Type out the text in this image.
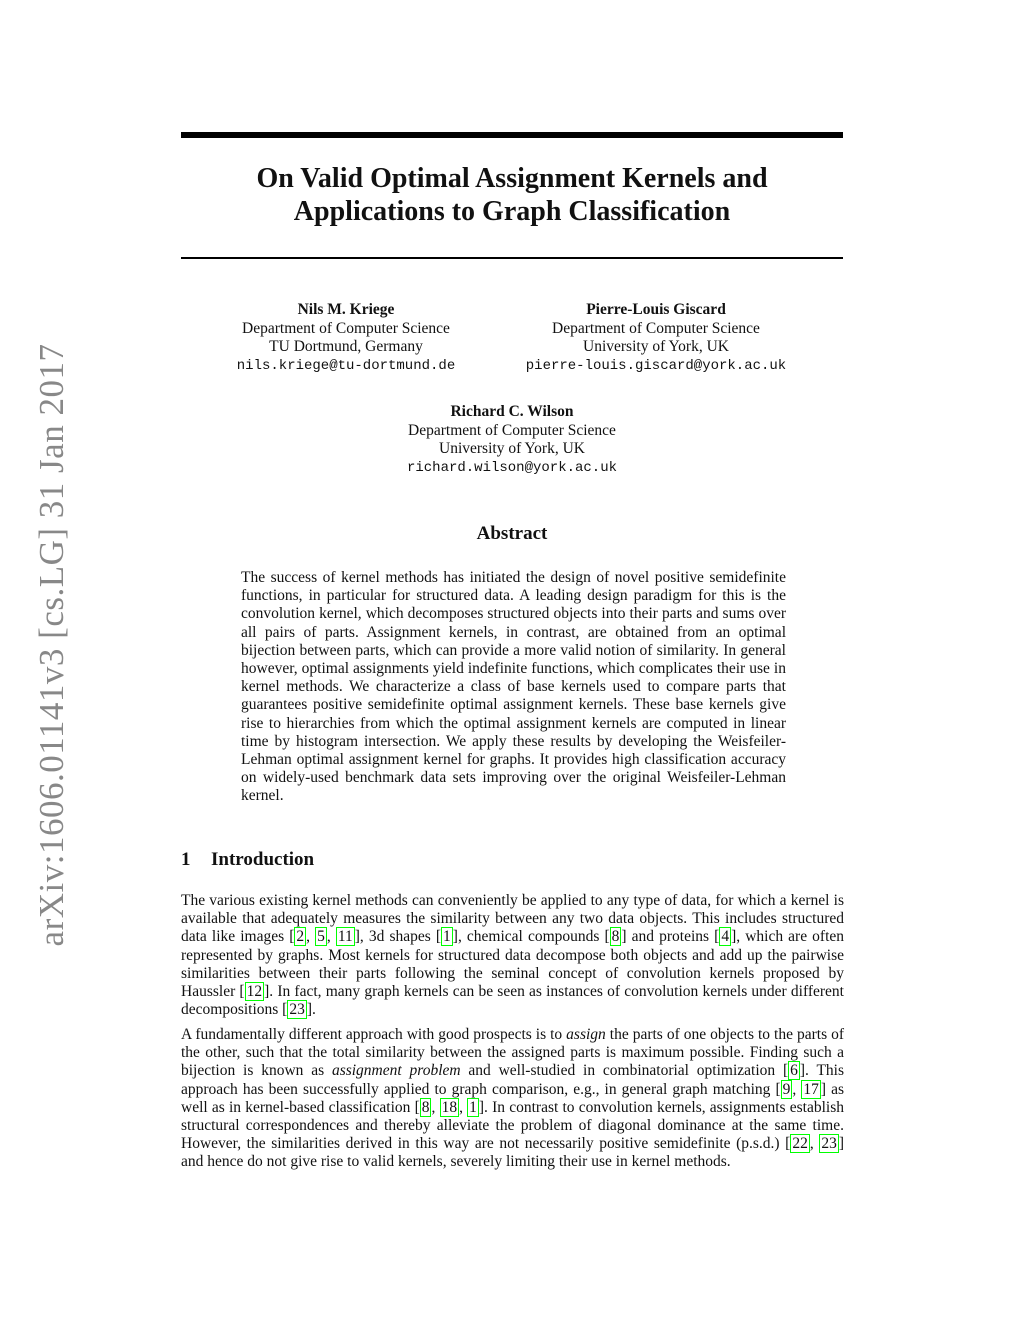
arXiv:1606.01141v3 [cs.LG] 31 Jan 2017
On Valid Optimal Assignment Kernels and
Applications to Graph Classification
Nils M. Kriege
Department of Computer Science
TU Dortmund, Germany
nils.kriege@tu-dortmund.de
Pierre-Louis Giscard
Department of Computer Science
University of York, UK
pierre-louis.giscard@york.ac.uk
Richard C. Wilson
Department of Computer Science
University of York, UK
richard.wilson@york.ac.uk
Abstract

The success of kernel methods has initiated the design of novel positive semidefinite functions, in particular for structured data. A leading design paradigm for this is the convolution kernel, which decomposes structured objects into their parts and sums over all pairs of parts. Assignment kernels, in contrast, are obtained from an optimal bijection between parts, which can provide a more valid notion of similarity. In general however, optimal assignments yield indefinite functions, which complicates their use in kernel methods. We characterize a class of base kernels used to compare parts that guarantees positive semidefinite optimal assignment kernels. These base kernels give rise to hierarchies from which the optimal assignment kernels are computed in linear time by histogram intersection. We apply these results by developing the Weisfeiler-Lehman optimal assignment kernel for graphs. It provides high classification accuracy on widely-used benchmark data sets improving over the original Weisfeiler-Lehman kernel.

1 Introduction

The various existing kernel methods can conveniently be applied to any type of data, for which a kernel is available that adequately measures the similarity between any two data objects. This includes structured data like images [ 2 , 5 , 11 ], 3d shapes [ 1 ], chemical compounds [ 8 ] and proteins [ 4 ], which are often represented by graphs. Most kernels for structured data decompose both objects and add up the pairwise similarities between their parts following the seminal concept of convolution kernels proposed by Haussler [ 12 ]. In fact, many graph kernels can be seen as instances of convolution kernels under different decompositions [ 23 ].

A fundamentally different approach with good prospects is to assign the parts of one objects to the parts of the other, such that the total similarity between the assigned parts is maximum possible. Finding such a bijection is known as assignment problem and well-studied in combinatorial optimization [ 6 ]. This approach has been successfully applied to graph comparison, e.g., in general graph matching [ 9 , 17 ] as well as in kernel-based classification [ 8 , 18 , 1 ]. In contrast to convolution kernels, assignments establish structural correspondences and thereby alleviate the problem of diagonal dominance at the same time. However, the similarities derived in this way are not necessarily positive semidefinite (p.s.d.) [ 22 , 23 ] and hence do not give rise to valid kernels, severely limiting their use in kernel methods.
